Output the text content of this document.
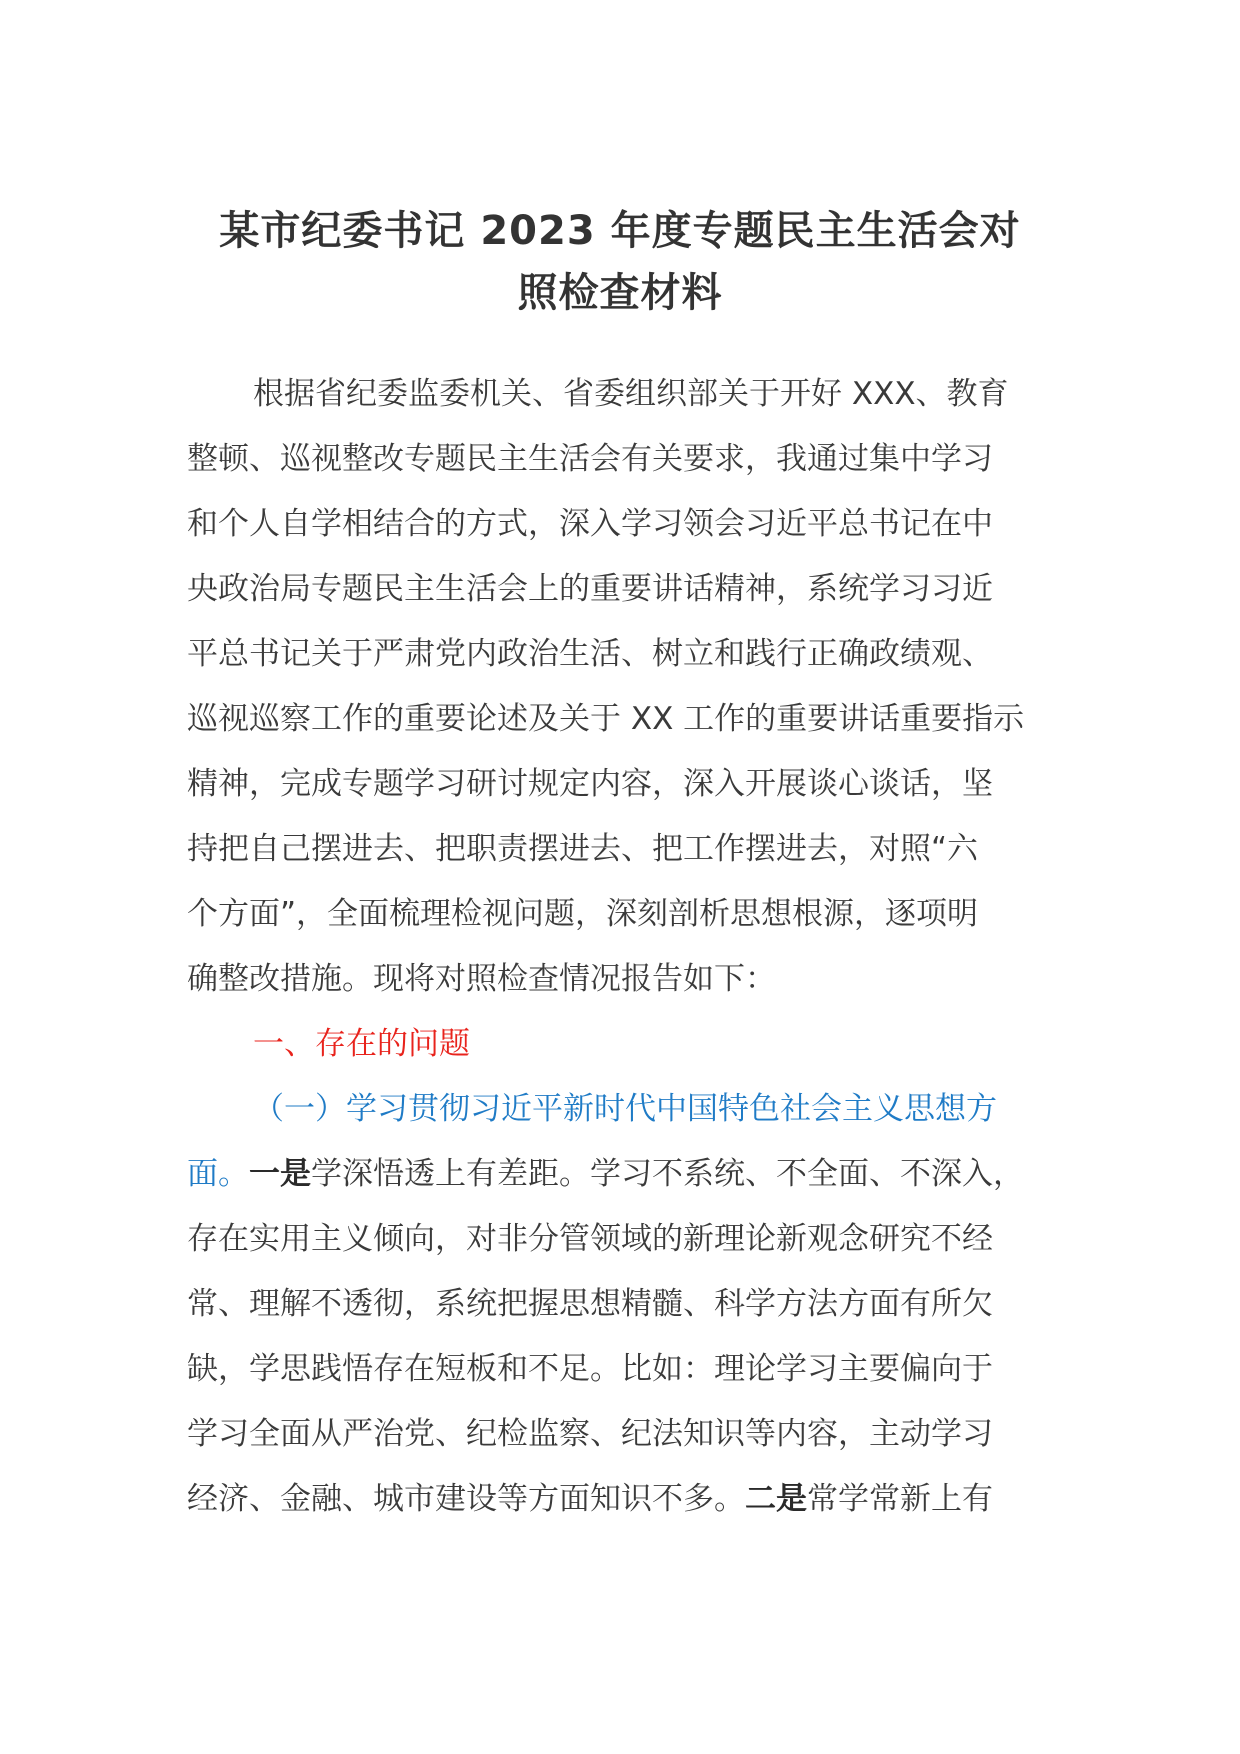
某市纪委书记 2023 年度专题民主生活会对
照检查材料
根据省纪委监委机关、省委组织部关于开好 XXX、教育
整顿、巡视整改专题民主生活会有关要求，我通过集中学习
和个人自学相结合的方式，深入学习领会习近平总书记在中
央政治局专题民主生活会上的重要讲话精神，系统学习习近
平总书记关于严肃党内政治生活、树立和践行正确政绩观、
巡视巡察工作的重要论述及关于 XX 工作的重要讲话重要指示
精神，完成专题学习研讨规定内容，深入开展谈心谈话，坚
持把自己摆进去、把职责摆进去、把工作摆进去，对照“六
个方面”，全面梳理检视问题，深刻剖析思想根源，逐项明
确整改措施。现将对照检查情况报告如下：
一、存在的问题
（一）学习贯彻习近平新时代中国特色社会主义思想方
面。一是学深悟透上有差距。学习不系统、不全面、不深入，
存在实用主义倾向，对非分管领域的新理论新观念研究不经
常、理解不透彻，系统把握思想精髓、科学方法方面有所欠
缺，学思践悟存在短板和不足。比如：理论学习主要偏向于
学习全面从严治党、纪检监察、纪法知识等内容，主动学习
经济、金融、城市建设等方面知识不多。二是常学常新上有
